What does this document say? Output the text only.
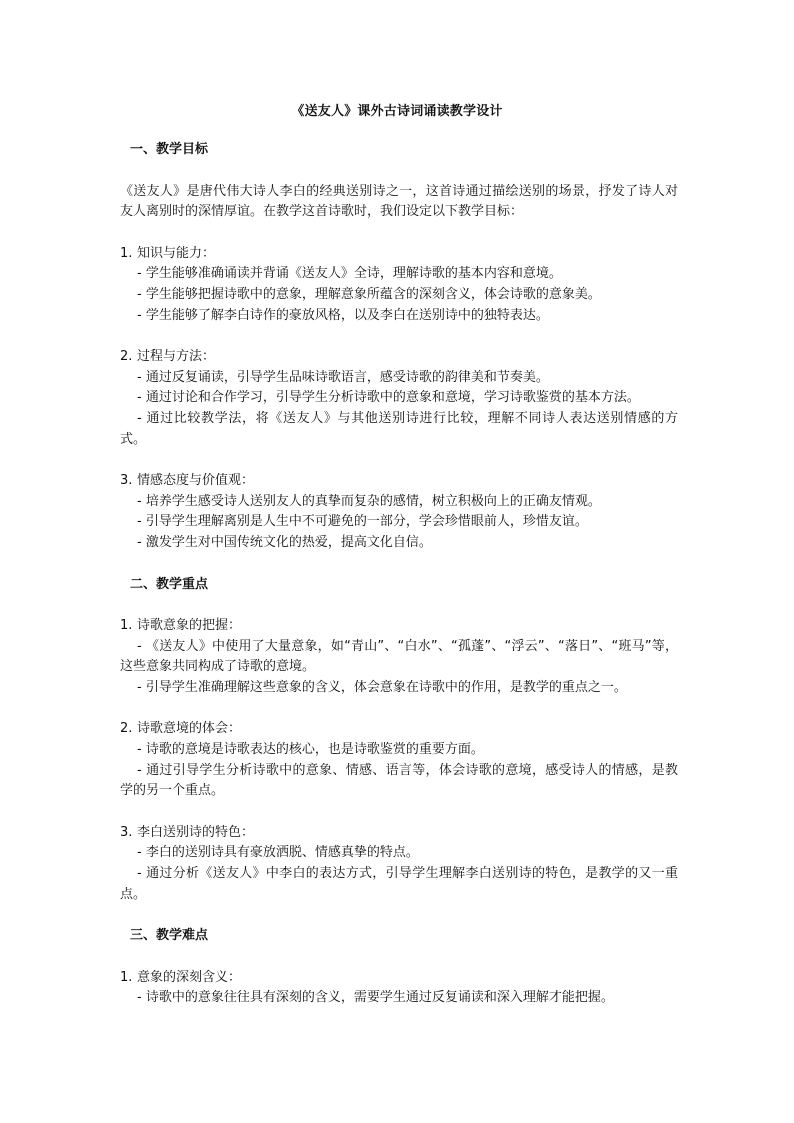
《送友人》课外古诗词诵读教学设计
一、教学目标

《送友人》是唐代伟大诗人李白的经典送别诗之一，这首诗通过描绘送别的场景，抒发了诗人对友人离别时的深情厚谊。在教学这首诗歌时，我们设定以下教学目标：

1. 知识与能力：

- 学生能够准确诵读并背诵《送友人》全诗，理解诗歌的基本内容和意境。

- 学生能够把握诗歌中的意象，理解意象所蕴含的深刻含义，体会诗歌的意象美。

- 学生能够了解李白诗作的豪放风格，以及李白在送别诗中的独特表达。

2. 过程与方法：

- 通过反复诵读，引导学生品味诗歌语言，感受诗歌的韵律美和节奏美。

- 通过讨论和合作学习，引导学生分析诗歌中的意象和意境，学习诗歌鉴赏的基本方法。

- 通过比较教学法，将《送友人》与其他送别诗进行比较，理解不同诗人表达送别情感的方式。

3. 情感态度与价值观：

- 培养学生感受诗人送别友人的真挚而复杂的感情，树立积极向上的正确友情观。

- 引导学生理解离别是人生中不可避免的一部分，学会珍惜眼前人，珍惜友谊。

- 激发学生对中国传统文化的热爱，提高文化自信。

二、教学重点

1. 诗歌意象的把握：

- 《送友人》中使用了大量意象，如“青山”、“白水”、“孤蓬”、“浮云”、“落日”、“班马”等，这些意象共同构成了诗歌的意境。

- 引导学生准确理解这些意象的含义，体会意象在诗歌中的作用，是教学的重点之一。

2. 诗歌意境的体会：

- 诗歌的意境是诗歌表达的核心，也是诗歌鉴赏的重要方面。

- 通过引导学生分析诗歌中的意象、情感、语言等，体会诗歌的意境，感受诗人的情感，是教学的另一个重点。

3. 李白送别诗的特色：

- 李白的送别诗具有豪放洒脱、情感真挚的特点。

- 通过分析《送友人》中李白的表达方式，引导学生理解李白送别诗的特色，是教学的又一重点。

三、教学难点

1. 意象的深刻含义：

- 诗歌中的意象往往具有深刻的含义，需要学生通过反复诵读和深入理解才能把握。
